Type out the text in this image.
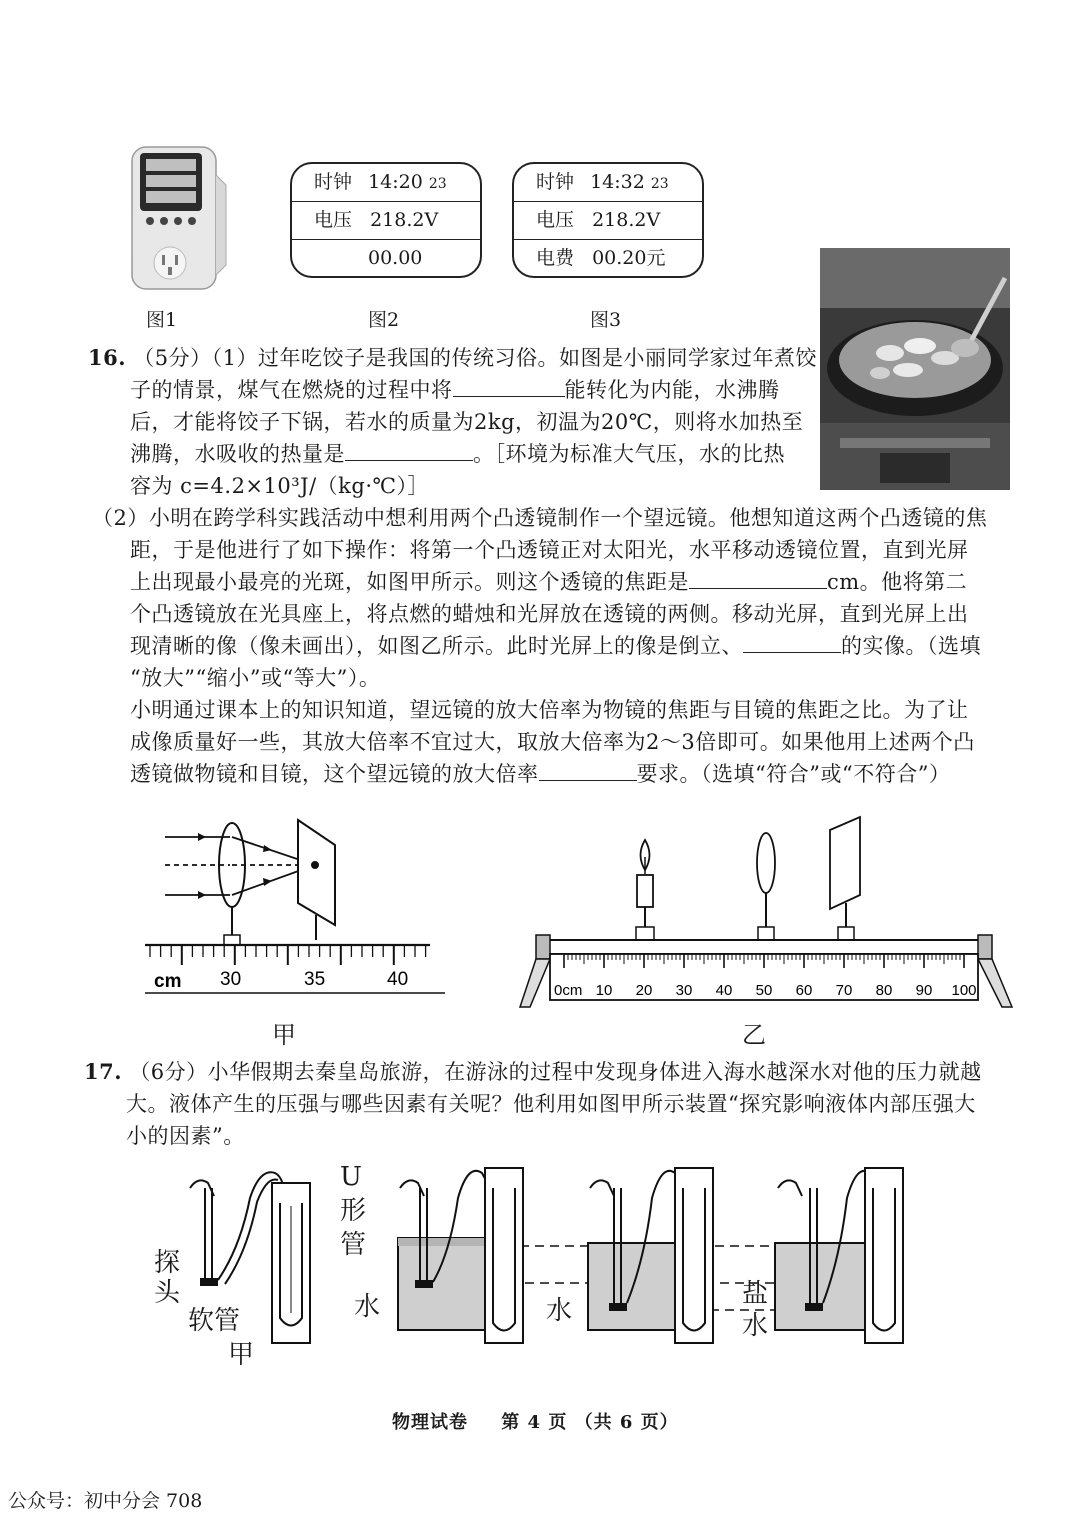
图1
时钟 14:20 23
电压 218.2V
00.00
图2
时钟 14:32 23
电压 218.2V
电费 00.20元
图3
16. （5分）（1）过年吃饺子是我国的传统习俗。如图是小丽同学家过年煮饺
子的情景，煤气在燃烧的过程中将	能转化为内能，水沸腾
后，才能将饺子下锅，若水的质量为2kg，初温为20℃，则将水加热至
沸腾，水吸收的热量是	。［环境为标准大气压，水的比热
容为 c=4.2×10³J/（kg·℃）］
（2）小明在跨学科实践活动中想利用两个凸透镜制作一个望远镜。他想知道这两个凸透镜的焦
距，于是他进行了如下操作：将第一个凸透镜正对太阳光，水平移动透镜位置，直到光屏
上出现最小最亮的光斑，如图甲所示。则这个透镜的焦距是	cm。他将第二
个凸透镜放在光具座上，将点燃的蜡烛和光屏放在透镜的两侧。移动光屏，直到光屏上出
现清晰的像（像未画出），如图乙所示。此时光屏上的像是倒立、	的实像。（选填
“放大”“缩小”或“等大”）。
小明通过课本上的知识知道，望远镜的放大倍率为物镜的焦距与目镜的焦距之比。为了让
成像质量好一些，其放大倍率不宜过大，取放大倍率为2～3倍即可。如果他用上述两个凸
透镜做物镜和目镜，这个望远镜的放大倍率	要求。（选填“符合”或“不符合”）
cm 30	35	40
甲
0cm 10 20 30 40 50 60 70 80 90 100
乙
17. （6分）小华假期去秦皇岛旅游，在游泳的过程中发现身体进入海水越深水对他的压力就越
大。液体产生的压强与哪些因素有关呢？他利用如图甲所示装置“探究影响液体内部压强大
小的因素”。
探头
软管
甲
U形管
水	水
盐水
物理试卷 第 4 页 （共 6 页）
公众号：初中分会 708
